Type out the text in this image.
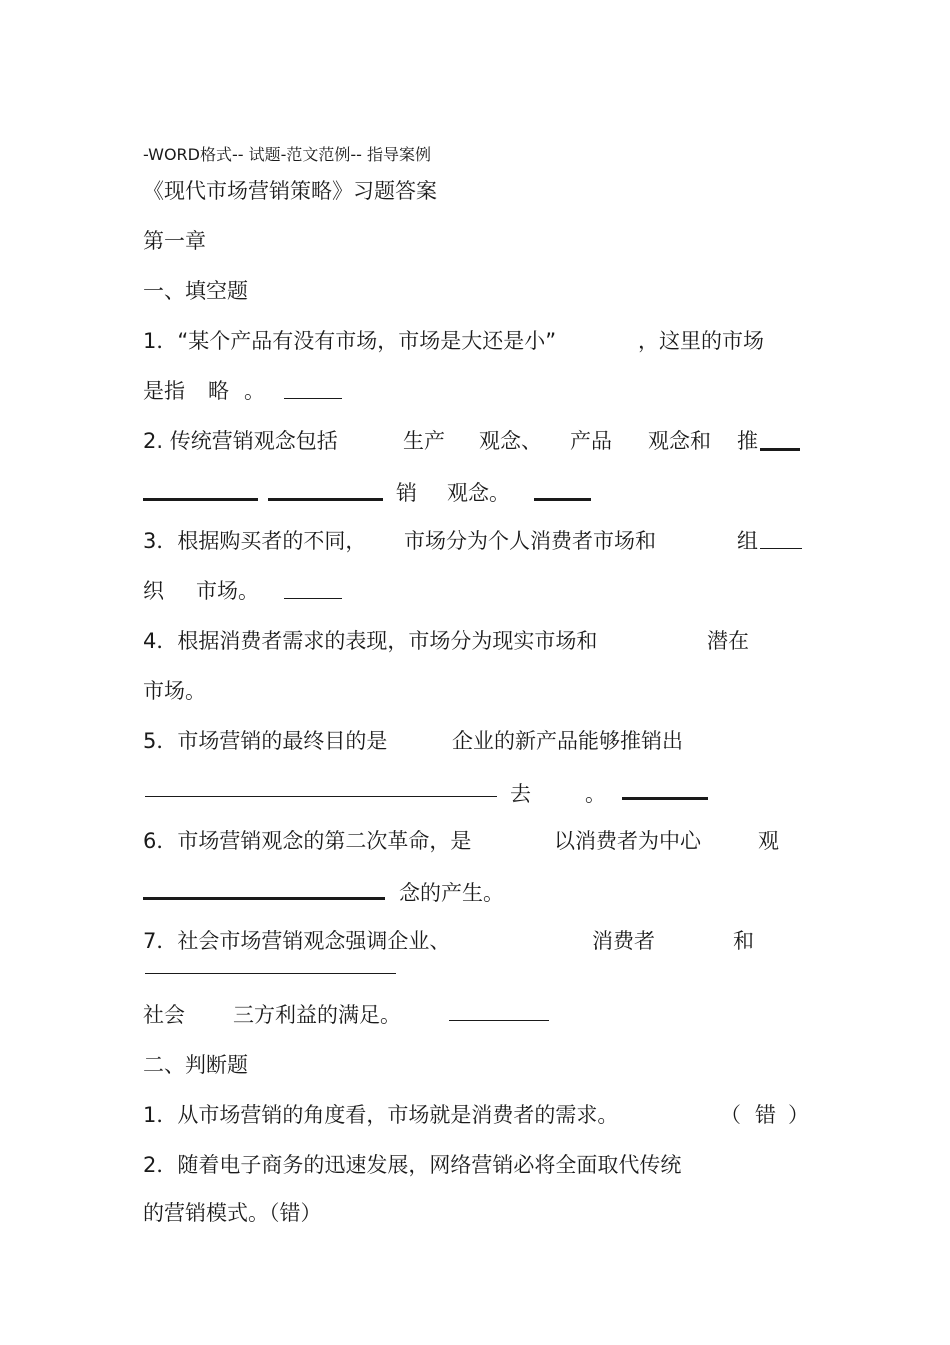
-WORD格式-- 试题-范文范例-- 指导案例
《现代市场营销策略》习题答案
第一章
一、填空题
1．“某个产品有没有市场，市场是大还是小”	，这里的市场
是指 略 。
2. 传统营销观念包括	生产 观念、 产品 观念和 推
销 观念。
3．根据购买者的不同， 市场分为个人消费者市场和	组
织 市场。
4．根据消费者需求的表现，市场分为现实市场和	潜在
市场。
5．市场营销的最终目的是	企业的新产品能够推销出
去	。
6．市场营销观念的第二次革命，是	以消费者为中心	观
念的产生。
7．社会市场营销观念强调企业、	消费者	和
社会 三方利益的满足。
二、判断题
1．从市场营销的角度看，市场就是消费者的需求。	（ 错 ）
2．随着电子商务的迅速发展，网络营销必将全面取代传统
的营销模式。（错）
